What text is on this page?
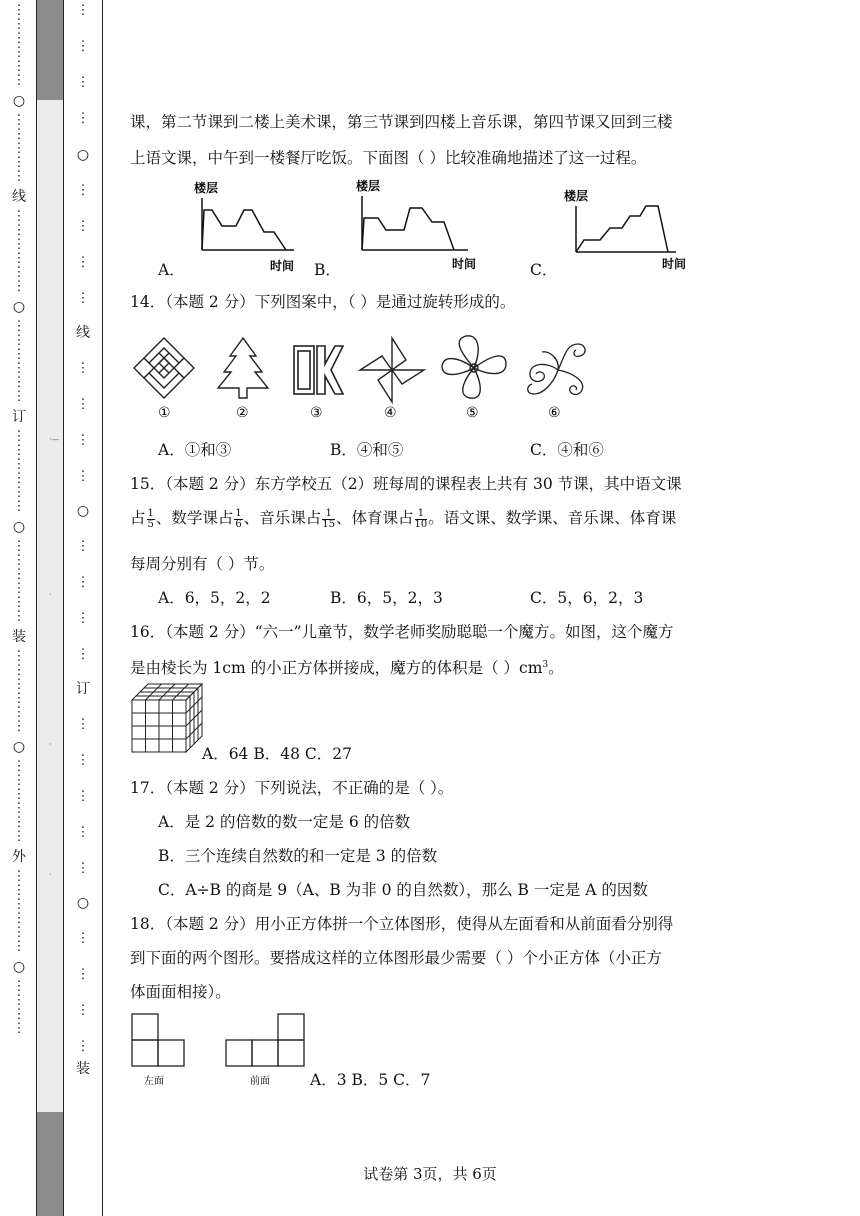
·—
·
·
·
⋮
⋮
⋮
⋮
⋮
⋮
○
⋮
⋮
⋮
⋮
⋮
线
⋮
⋮
⋮
⋮
⋮
⋮
○
⋮
⋮
⋮
⋮
⋮
⋮
订
⋮
⋮
⋮
⋮
⋮
⋮
○
⋮
⋮
⋮
⋮
⋮
⋮
装
⋮
⋮
⋮
⋮
⋮
⋮
○
⋮
⋮
⋮
⋮
⋮
⋮
外
⋮
⋮
⋮
⋮
⋮
⋮
○
⋮
⋮
⋮
⋮
⋮
⋮
⋮
⋮
○
⋮
⋮
⋮
⋮
线
⋮
⋮
⋮
⋮
○
⋮
⋮
⋮
⋮
订
⋮
⋮
⋮
⋮
⋮
○
⋮
⋮
⋮
⋮
装
课，第二节课到二楼上美术课，第三节课到四楼上音乐课，第四节课又回到三楼
上语文课，中午到一楼餐厅吃饭。下面图（ ）比较准确地描述了这一过程。
A．	B．	C．
楼层
时间
楼层
时间
楼层
时间
14．（本题 2 分）下列图案中，（ ）是通过旋转形成的。
①	②	③	④	⑤	⑥
A．①和③	B．④和⑤	C．④和⑥
15．（本题 2 分）东方学校五（2）班每周的课程表上共有 30 节课，其中语文课
占 $\frac{1}{5}$ 、数学课占 $\frac{1}{6}$ 、音乐课占 $\frac{1}{15}$ 、体育课占 $\frac{1}{10}$ 。语文课、数学课、音乐课、体育课
每周分别有（ ）节。
A．6，5，2，2	B．6，5，2，3	C．5，6，2，3
16．（本题 2 分）“六一”儿童节，数学老师奖励聪聪一个魔方。如图，这个魔方
是由棱长为 1cm 的小正方体拼接成，魔方的体积是（ ）$cm^3$。
A．64 B．48 C．27
17．（本题 2 分）下列说法，不正确的是（ ）。
A．是 2 的倍数的数一定是 6 的倍数
B．三个连续自然数的和一定是 3 的倍数
C．A÷B 的商是 9（A、B 为非 0 的自然数），那么 B 一定是 A 的因数
18．（本题 2 分）用小正方体拼一个立体图形，使得从左面看和从前面看分别得
到下面的两个图形。要搭成这样的立体图形最少需要（ ）个小正方体（小正方
体面面相接）。
左面	前面	A．3 B．5 C．7
试卷第 3页，共 6页
